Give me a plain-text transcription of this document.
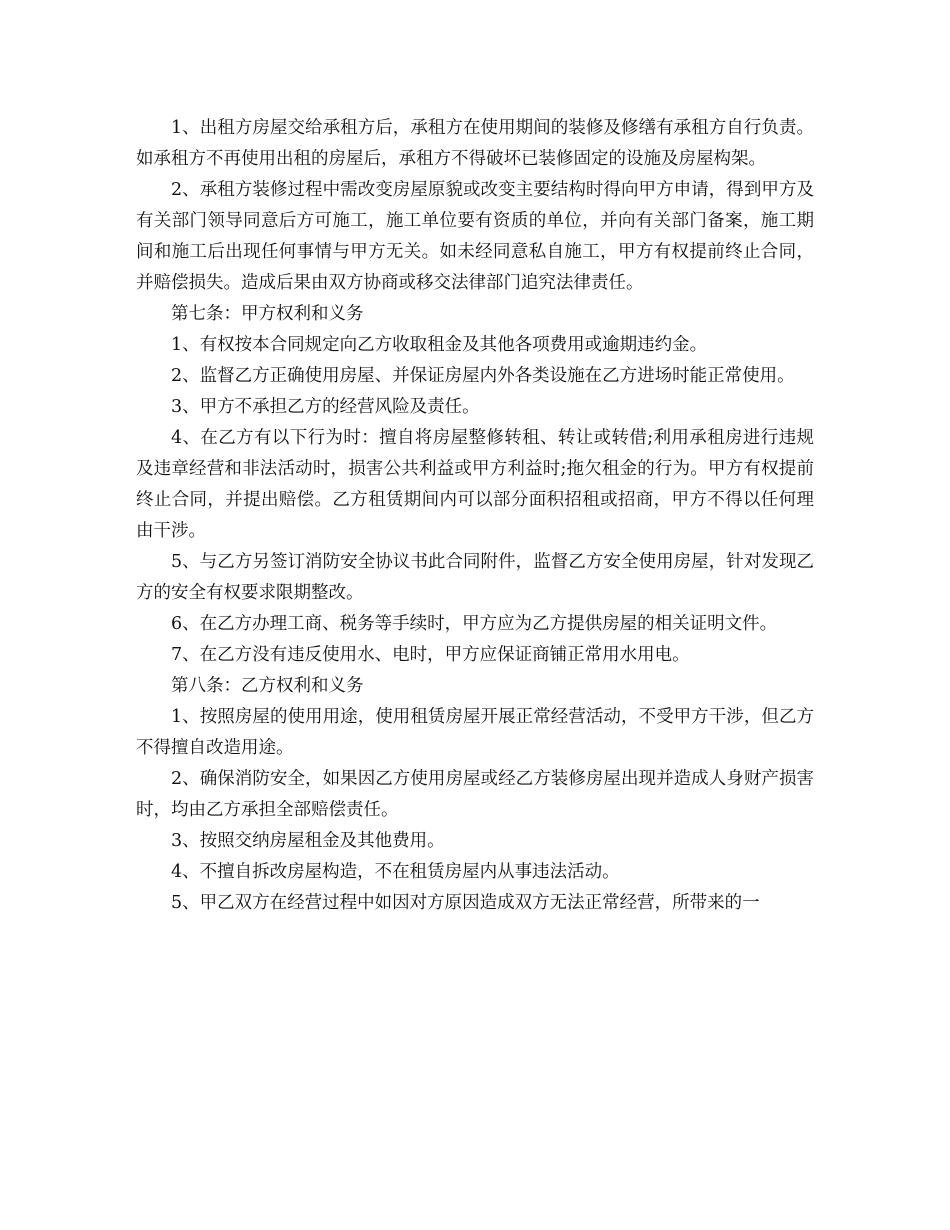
1、出租方房屋交给承租方后，承租方在使用期间的装修及修缮有承租方自行负责。如承租方不再使用出租的房屋后，承租方不得破坏已装修固定的设施及房屋构架。

2、承租方装修过程中需改变房屋原貌或改变主要结构时得向甲方申请，得到甲方及有关部门领导同意后方可施工，施工单位要有资质的单位，并向有关部门备案，施工期间和施工后出现任何事情与甲方无关。如未经同意私自施工，甲方有权提前终止合同，并赔偿损失。造成后果由双方协商或移交法律部门追究法律责任。

第七条：甲方权利和义务

1、有权按本合同规定向乙方收取租金及其他各项费用或逾期违约金。

2、监督乙方正确使用房屋、并保证房屋内外各类设施在乙方进场时能正常使用。

3、甲方不承担乙方的经营风险及责任。

4、在乙方有以下行为时：擅自将房屋整修转租、转让或转借;利用承租房进行违规及违章经营和非法活动时，损害公共利益或甲方利益时;拖欠租金的行为。甲方有权提前终止合同，并提出赔偿。乙方租赁期间内可以部分面积招租或招商，甲方不得以任何理由干涉。

5、与乙方另签订消防安全协议书此合同附件，监督乙方安全使用房屋，针对发现乙方的安全有权要求限期整改。

6、在乙方办理工商、税务等手续时，甲方应为乙方提供房屋的相关证明文件。

7、在乙方没有违反使用水、电时，甲方应保证商铺正常用水用电。

第八条：乙方权利和义务

1、按照房屋的使用用途，使用租赁房屋开展正常经营活动，不受甲方干涉，但乙方不得擅自改造用途。

2、确保消防安全，如果因乙方使用房屋或经乙方装修房屋出现并造成人身财产损害时，均由乙方承担全部赔偿责任。

3、按照交纳房屋租金及其他费用。

4、不擅自拆改房屋构造，不在租赁房屋内从事违法活动。

5、甲乙双方在经营过程中如因对方原因造成双方无法正常经营，所带来的一
